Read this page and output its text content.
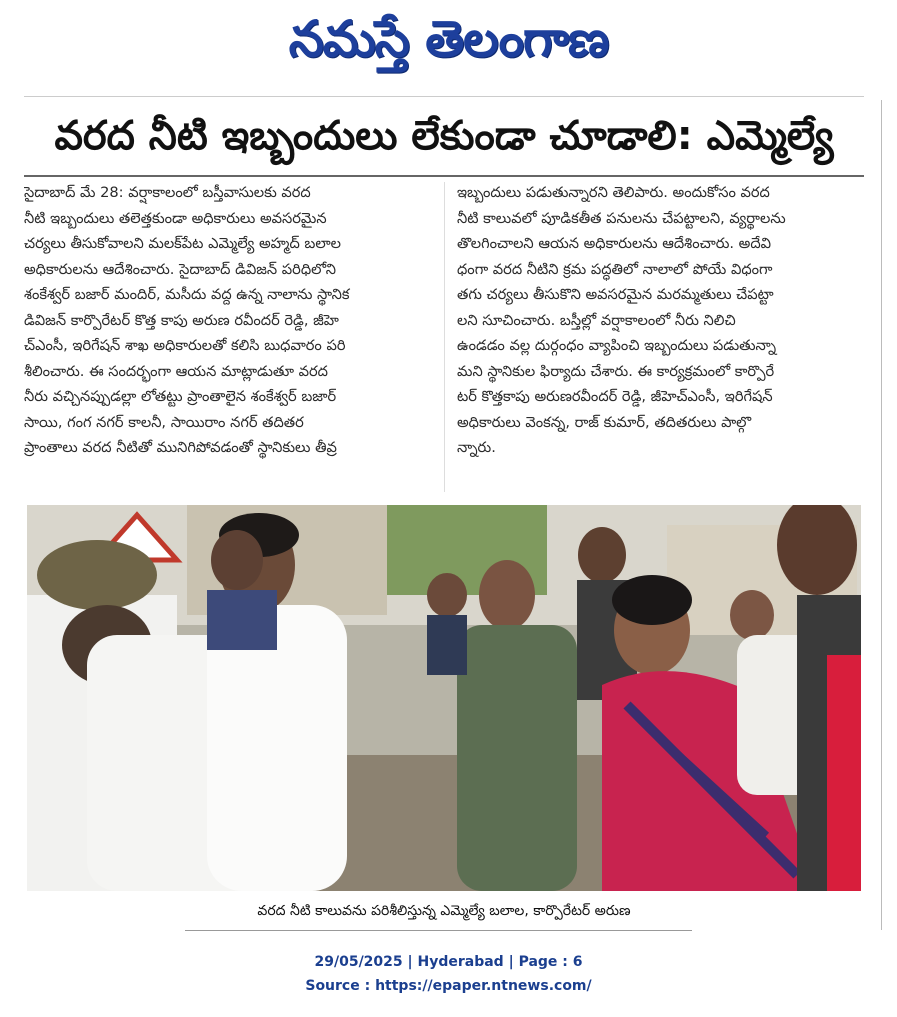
నమస్తే తెలంగాణ
వరద నీటి ఇబ్బందులు లేకుండా చూడాలి: ఎమ్మెల్యే
సైదాబాద్ మే 28: వర్షాకాలంలో బస్తీవాసులకు వరద
నీటి ఇబ్బందులు తలెత్తకుండా అధికారులు అవసరమైన
చర్యలు తీసుకోవాలని మలక్‌పేట ఎమ్మెల్యే అహ్మద్ బలాల
అధికారులను ఆదేశించారు. సైదాబాద్ డివిజన్ పరిధిలోని
శంకేశ్వర్ బజార్ మందిర్, మసీదు వద్ద ఉన్న నాలాను స్థానిక
డివిజన్ కార్పొరేటర్ కొత్త కాపు అరుణ రవీందర్ రెడ్డి, జీహె
చ్‌ఎంసీ, ఇరిగేషన్ శాఖ అధికారులతో కలిసి బుధవారం పరి
శీలించారు. ఈ సందర్భంగా ఆయన మాట్లాడుతూ వరద
నీరు వచ్చినప్పుడల్లా లోతట్టు ప్రాంతాలైన శంకేశ్వర్ బజార్
సాయి, గంగ నగర్ కాలనీ, సాయిరాం నగర్ తదితర
ప్రాంతాలు వరద నీటితో మునిగిపోవడంతో స్థానికులు తీవ్ర
ఇబ్బందులు పడుతున్నారని తెలిపారు. అందుకోసం వరద
నీటి కాలువలో పూడికతీత పనులను చేపట్టాలని, వ్యర్థాలను
తొలగించాలని ఆయన అధికారులను ఆదేశించారు. అదేవి
ధంగా వరద నీటిని క్రమ పద్ధతిలో నాలాలో పోయే విధంగా
తగు చర్యలు తీసుకొని అవసరమైన మరమ్మతులు చేపట్టా
లని సూచించారు. బస్తీల్లో వర్షాకాలంలో నీరు నిలిచి
ఉండడం వల్ల దుర్గంధం వ్యాపించి ఇబ్బందులు పడుతున్నా
మని స్థానికుల ఫిర్యాదు చేశారు. ఈ కార్యక్రమంలో కార్పొరే
టర్ కొత్తకాపు అరుణరవీందర్ రెడ్డి, జీహెచ్‌ఎంసీ, ఇరిగేషన్
అధికారులు వెంకన్న, రాజ్ కుమార్, తదితరులు పాల్గొ
న్నారు.
వరద నీటి కాలువను పరిశీలిస్తున్న ఎమ్మెల్యే బలాల, కార్పొరేటర్ అరుణ
29/05/2025 | Hyderabad | Page : 6
Source : https://epaper.ntnews.com/
